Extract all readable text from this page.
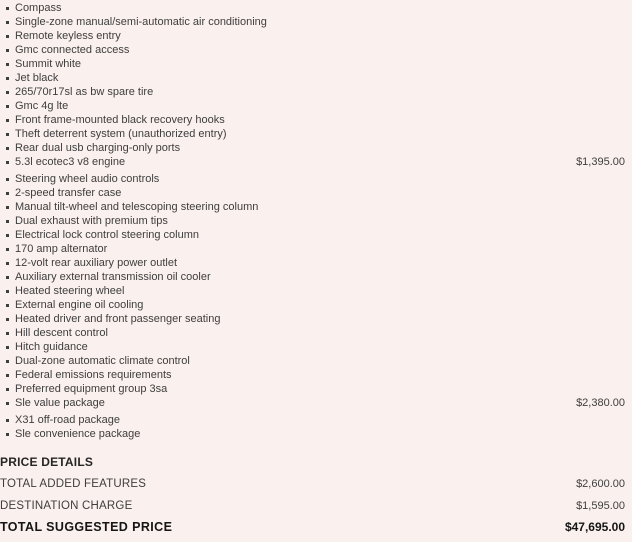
Compass
Single-zone manual/semi-automatic air conditioning
Remote keyless entry
Gmc connected access
Summit white
Jet black
265/70r17sl as bw spare tire
Gmc 4g lte
Front frame-mounted black recovery hooks
Theft deterrent system (unauthorized entry)
Rear dual usb charging-only ports
5.3l ecotec3 v8 engine	$1,395.00
Steering wheel audio controls
2-speed transfer case
Manual tilt-wheel and telescoping steering column
Dual exhaust with premium tips
Electrical lock control steering column
170 amp alternator
12-volt rear auxiliary power outlet
Auxiliary external transmission oil cooler
Heated steering wheel
External engine oil cooling
Heated driver and front passenger seating
Hill descent control
Hitch guidance
Dual-zone automatic climate control
Federal emissions requirements
Preferred equipment group 3sa
Sle value package	$2,380.00
X31 off-road package
Sle convenience package
PRICE DETAILS
TOTAL ADDED FEATURES	$2,600.00
DESTINATION CHARGE	$1,595.00
TOTAL SUGGESTED PRICE	$47,695.00
